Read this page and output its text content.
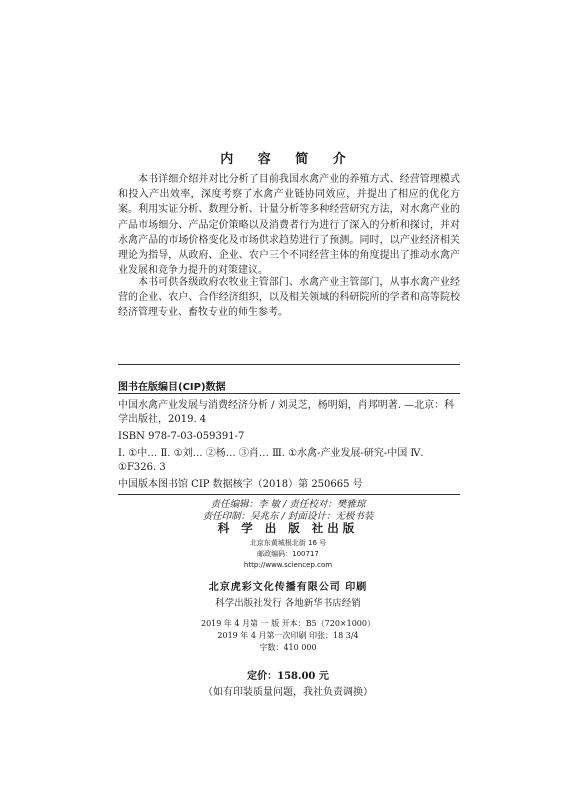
内 容 简 介
本书详细介绍并对比分析了目前我国水禽产业的养殖方式、经营管理模式和投入产出效率，深度考察了水禽产业链协同效应，并提出了相应的优化方案。利用实证分析、数理分析、计量分析等多种经营研究方法，对水禽产业的产品市场细分、产品定价策略以及消费者行为进行了深入的分析和探讨，并对水禽产品的市场价格变化及市场供求趋势进行了预测。同时，以产业经济相关理论为指导，从政府、企业、农户三个不同经营主体的角度提出了推动水禽产业发展和竞争力提升的对策建议。
本书可供各级政府农牧业主管部门、水禽产业主管部门，从事水禽产业经营的企业、农户、合作经济组织，以及相关领域的科研院所的学者和高等院校经济管理专业、畜牧专业的师生参考。
图书在版编目(CIP)数据
中国水禽产业发展与消费经济分析 / 刘灵芝，杨明娟，肖邦明著. —北京：科学出版社，2019. 4
ISBN 978-7-03-059391-7
Ⅰ. ①中… Ⅱ. ①刘… ②杨… ③肖… Ⅲ. ①水禽-产业发展-研究-中国 Ⅳ. ①F326. 3
中国版本图书馆 CIP 数据核字（2018）第 250665 号
责任编辑：李 敏 / 责任校对：樊雅琼
责任印制：吴兆东 / 封面设计：无极书装
科 学 出 版 社出版
北京东黄城根北街 16 号
邮政编码：100717
http://www.sciencep.com
北京虎彩文化传播有限公司 印刷
科学出版社发行 各地新华书店经销
2019 年 4 月第 一 版 开本：B5（720×1000）
2019 年 4 月第一次印刷 印张：18 3/4
字数：410 000
定价：158.00 元
（如有印装质量问题，我社负责调换）
